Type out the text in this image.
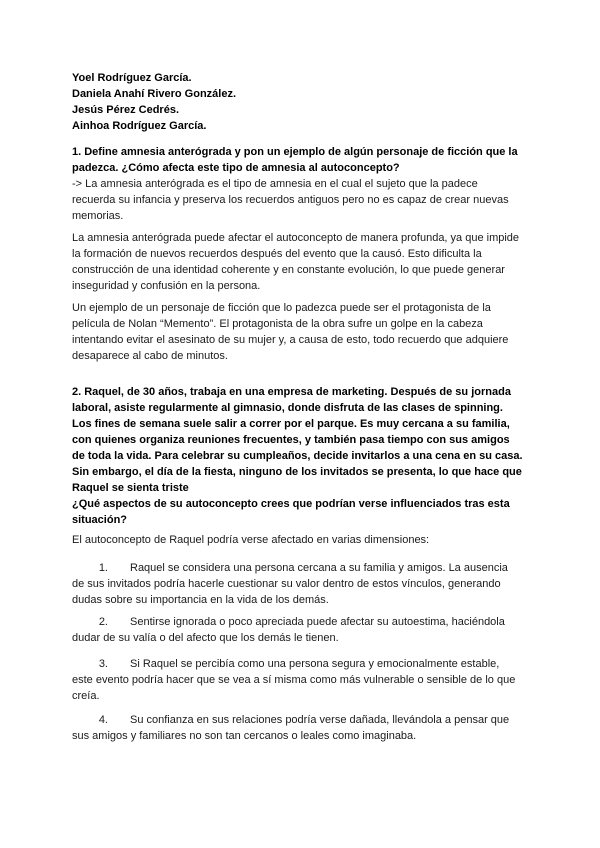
Yoel Rodríguez García.
Daniela Anahí Rivero González.
Jesús Pérez Cedrés.
Ainhoa Rodríguez García.
1. Define amnesia anterógrada y pon un ejemplo de algún personaje de ficción que la
padezca. ¿Cómo afecta este tipo de amnesia al autoconcepto?
-> La amnesia anterógrada es el tipo de amnesia en el cual el sujeto que la padece
recuerda su infancia y preserva los recuerdos antiguos pero no es capaz de crear nuevas
memorias.
La amnesia anterógrada puede afectar el autoconcepto de manera profunda, ya que impide
la formación de nuevos recuerdos después del evento que la causó. Esto dificulta la
construcción de una identidad coherente y en constante evolución, lo que puede generar
inseguridad y confusión en la persona.
Un ejemplo de un personaje de ficción que lo padezca puede ser el protagonista de la
película de Nolan “Memento”. El protagonista de la obra sufre un golpe en la cabeza
intentando evitar el asesinato de su mujer y, a causa de esto, todo recuerdo que adquiere
desaparece al cabo de minutos.
2. Raquel, de 30 años, trabaja en una empresa de marketing. Después de su jornada
laboral, asiste regularmente al gimnasio, donde disfruta de las clases de spinning.
Los fines de semana suele salir a correr por el parque. Es muy cercana a su familia,
con quienes organiza reuniones frecuentes, y también pasa tiempo con sus amigos
de toda la vida. Para celebrar su cumpleaños, decide invitarlos a una cena en su casa.
Sin embargo, el día de la fiesta, ninguno de los invitados se presenta, lo que hace que
Raquel se sienta triste
¿Qué aspectos de su autoconcepto crees que podrían verse influenciados tras esta
situación?
El autoconcepto de Raquel podría verse afectado en varias dimensiones:
1. Raquel se considera una persona cercana a su familia y amigos. La ausencia
de sus invitados podría hacerle cuestionar su valor dentro de estos vínculos, generando
dudas sobre su importancia en la vida de los demás.
2. Sentirse ignorada o poco apreciada puede afectar su autoestima, haciéndola
dudar de su valía o del afecto que los demás le tienen.
3. Si Raquel se percibía como una persona segura y emocionalmente estable,
este evento podría hacer que se vea a sí misma como más vulnerable o sensible de lo que
creía.
4. Su confianza en sus relaciones podría verse dañada, llevándola a pensar que
sus amigos y familiares no son tan cercanos o leales como imaginaba.
